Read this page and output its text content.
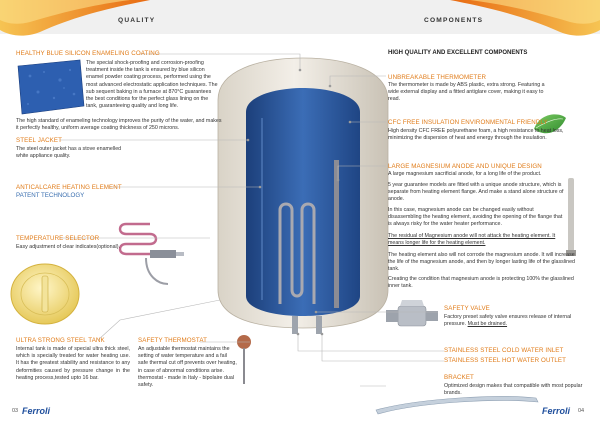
QUALITY	COMPONENTS
HEALTHY BLUE SILICON ENAMELING COATING
The special shock-proofing and corrosion-proofing treatment inside the tank is ensured by blue silicon enamel powder coating process, performed using the most advanced electrostatic application techniques. The sub sequent baking in a furnace at 870°C guarantees the best conditions for the perfect glass lining on the tank, guaranteeing quality and long life.
The high standard of enameling technology improves the purity of the water, and makes it perfectly healthy, uniform average coating thickness of 250 microns.
STEEL JACKET
The steel outer jacket has a stove enamelled white appliance quality.
ANTICALCARE HEATING ELEMENT
PATENT TECHNOLOGY
TEMPERATURE SELECTOR
Easy adjustment of clear indicates(optional).
ULTRA STRONG STEEL TANK
Internal tank is made of special ultra thick steel, which is specially treated for water heating use. It has the greatest stability and resistance to any deformities caused by pressure change in the heating process,tested upto 16 bar.
SAFETY THERMOSTAT
An adjustable thermostat maintains the setting of water temperature and a fail safe thermal cut off prevents over heating, in case of abnormal conditions arise. thermostat - made in Italy - bipolaire dual safety.
03 Ferroli
HIGH QUALITY AND EXCELLENT COMPONENTS
UNBREAKABLE THERMOMETER
The thermometer is made by ABS plastic, extra strong. Featuring a wide external display and a fitted antiglare cover, making it easy to read.
CFC FREE INSULATION ENVIRONMENTAL FRIENDLY
High density CFC FREE polyurethane foam, a high resistance to heat loss, minimizing the dispersion of heat and energy through the insulation.
LARGE MAGNESIUM ANODE AND UNIQUE DESIGN
A large magnesium sacrificial anode, for a long life of the product.
5 year guarantee models are fitted with a unique anode structure, which is separate from heating element flange. And make a stand alone structure of anode.
In this case, magnesium anode can be changed easily without disassembling the heating element, avoiding the opening of the flange that is always risky for the water heater performance.
The residual of Magnesium anode will not attack the heating element. It means longer life for the heating element.
The heating element also will not corrode the magnesium anode. It will increase the life of the magnesium anode, and then by longer lasting life of the glasslined tank.
Creating the condition that magnesium anode is protecting 100% the glasslined inner tank.
SAFETY VALVE
Factory preset safety valve ensures release of internal pressure. Must be drained.
STAINLESS STEEL COLD WATER INLET
STAINLESS STEEL HOT WATER OUTLET
BRACKET
Optimized design makes that compatible with most popular brands.
Ferroli 04
